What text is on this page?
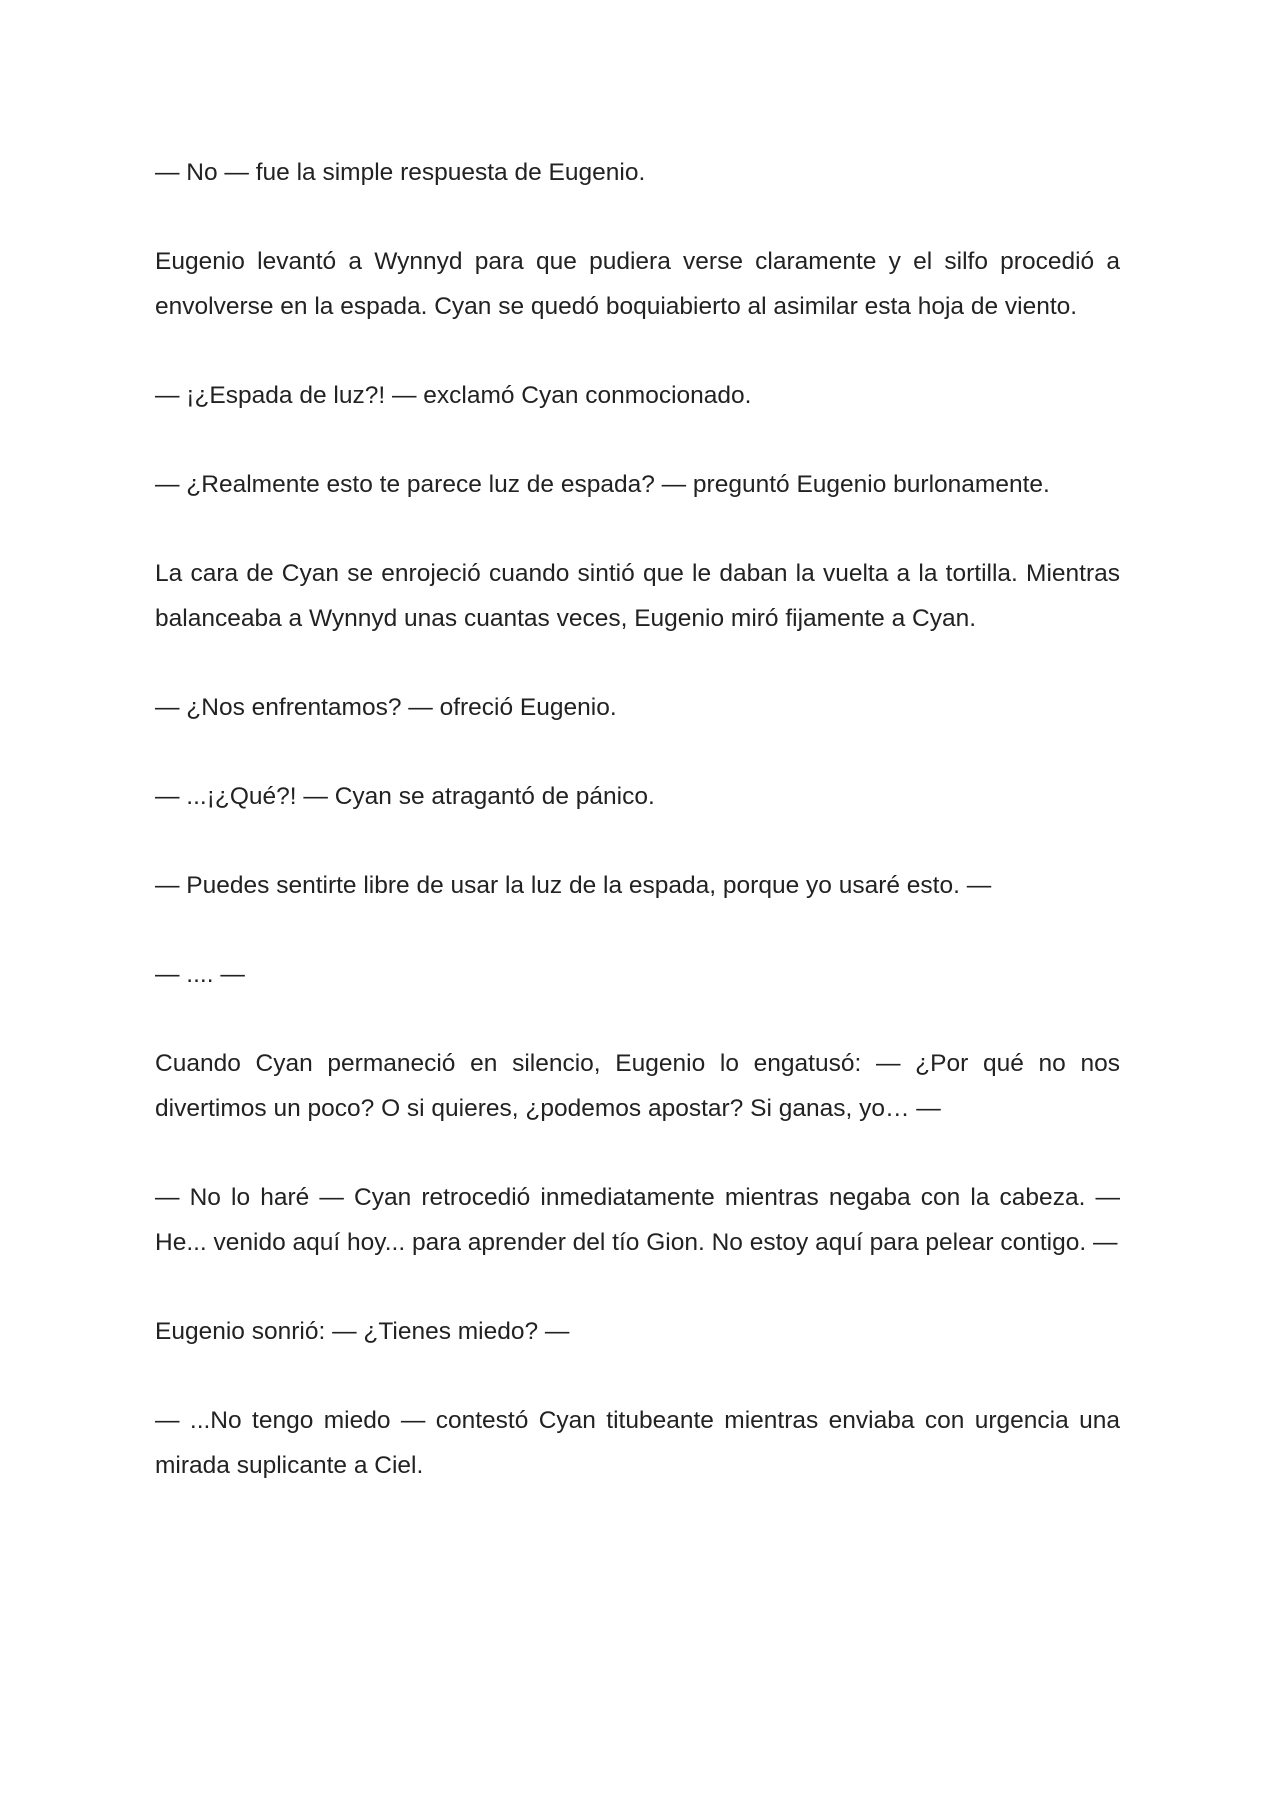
— No — fue la simple respuesta de Eugenio.

Eugenio levantó a Wynnyd para que pudiera verse claramente y el silfo procedió a envolverse en la espada. Cyan se quedó boquiabierto al asimilar esta hoja de viento.

— ¡¿Espada de luz?! — exclamó Cyan conmocionado.

— ¿Realmente esto te parece luz de espada? — preguntó Eugenio burlonamente.

La cara de Cyan se enrojeció cuando sintió que le daban la vuelta a la tortilla. Mientras balanceaba a Wynnyd unas cuantas veces, Eugenio miró fijamente a Cyan.

— ¿Nos enfrentamos? — ofreció Eugenio.

— ...¡¿Qué?! — Cyan se atragantó de pánico.

— Puedes sentirte libre de usar la luz de la espada, porque yo usaré esto. —

— .... —

Cuando Cyan permaneció en silencio, Eugenio lo engatusó: — ¿Por qué no nos divertimos un poco? O si quieres, ¿podemos apostar? Si ganas, yo… —

— No lo haré — Cyan retrocedió inmediatamente mientras negaba con la cabeza. — He... venido aquí hoy... para aprender del tío Gion. No estoy aquí para pelear contigo. —

Eugenio sonrió: — ¿Tienes miedo? —

— ...No tengo miedo — contestó Cyan titubeante mientras enviaba con urgencia una mirada suplicante a Ciel.
